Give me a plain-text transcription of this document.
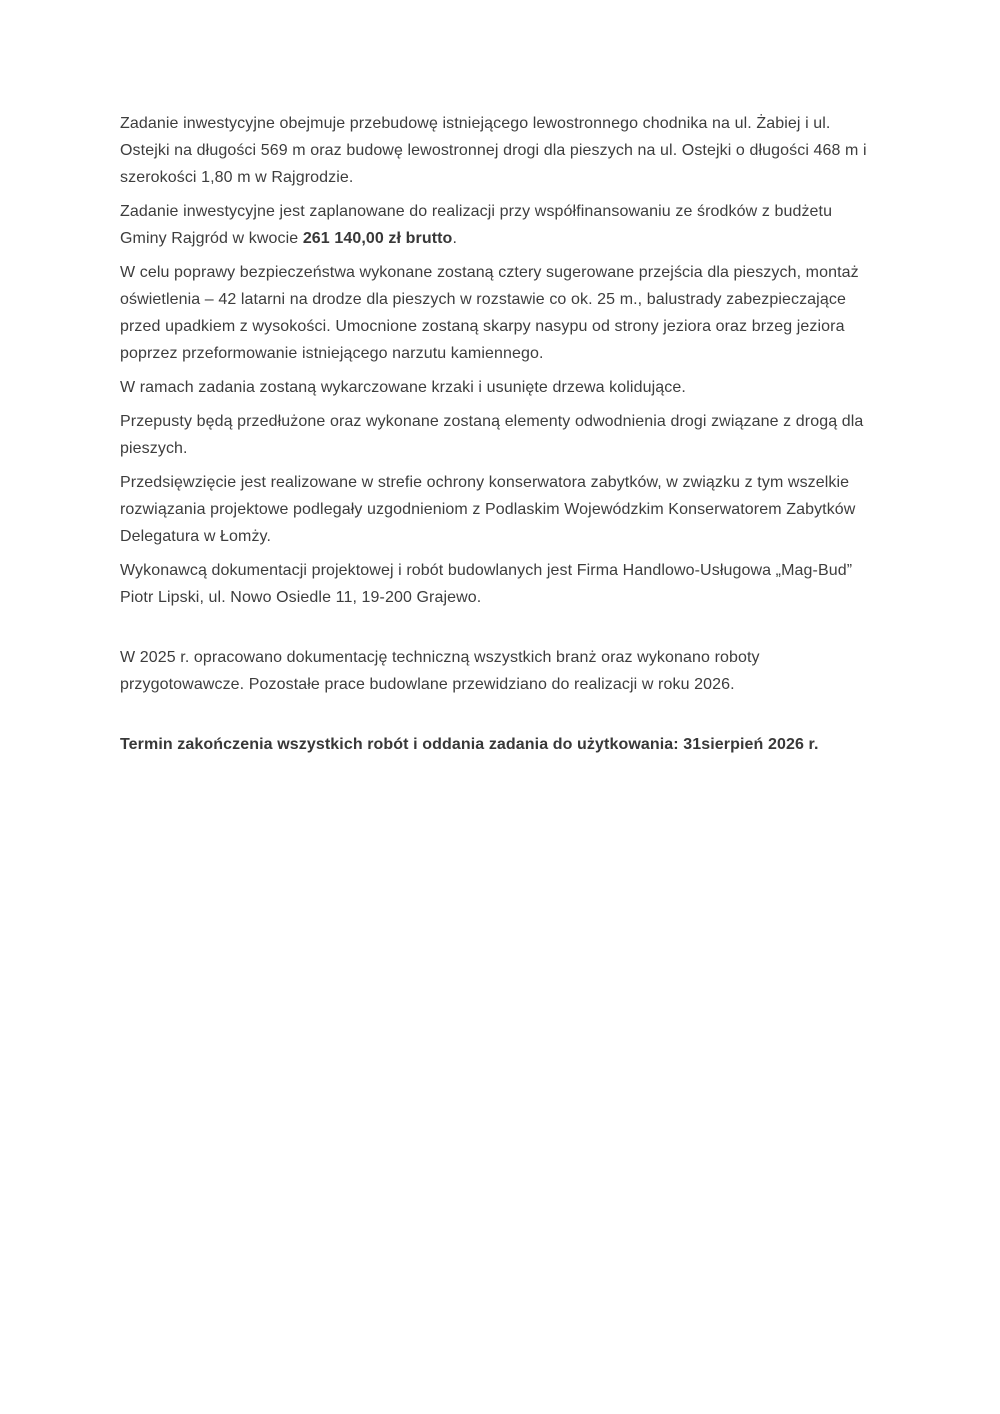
Zadanie inwestycyjne obejmuje przebudowę istniejącego lewostronnego chodnika na ul. Żabiej i ul. Ostejki na długości 569 m oraz budowę lewostronnej drogi dla pieszych na ul. Ostejki o długości 468 m i szerokości 1,80 m w Rajgrodzie.

Zadanie inwestycyjne jest zaplanowane do realizacji przy współfinansowaniu ze środków z budżetu Gminy Rajgród w kwocie 261 140,00 zł brutto.

W celu poprawy bezpieczeństwa wykonane zostaną cztery sugerowane przejścia dla pieszych, montaż oświetlenia – 42 latarni na drodze dla pieszych w rozstawie co ok. 25 m., balustrady zabezpieczające przed upadkiem z wysokości. Umocnione zostaną skarpy nasypu od strony jeziora oraz brzeg jeziora poprzez przeformowanie istniejącego narzutu kamiennego.

W ramach zadania zostaną wykarczowane krzaki i usunięte drzewa kolidujące.

Przepusty będą przedłużone oraz wykonane zostaną elementy odwodnienia drogi związane z drogą dla pieszych.

Przedsięwzięcie jest realizowane w strefie ochrony konserwatora zabytków, w związku z tym wszelkie rozwiązania projektowe podlegały uzgodnieniom z Podlaskim Wojewódzkim Konserwatorem Zabytków Delegatura w Łomży.

Wykonawcą dokumentacji projektowej i robót budowlanych jest Firma Handlowo-Usługowa „Mag-Bud” Piotr Lipski, ul. Nowo Osiedle 11, 19-200 Grajewo.

W 2025 r. opracowano dokumentację techniczną wszystkich branż oraz wykonano roboty przygotowawcze. Pozostałe prace budowlane przewidziano do realizacji w roku 2026.

Termin zakończenia wszystkich robót i oddania zadania do użytkowania: 31sierpień 2026 r.
